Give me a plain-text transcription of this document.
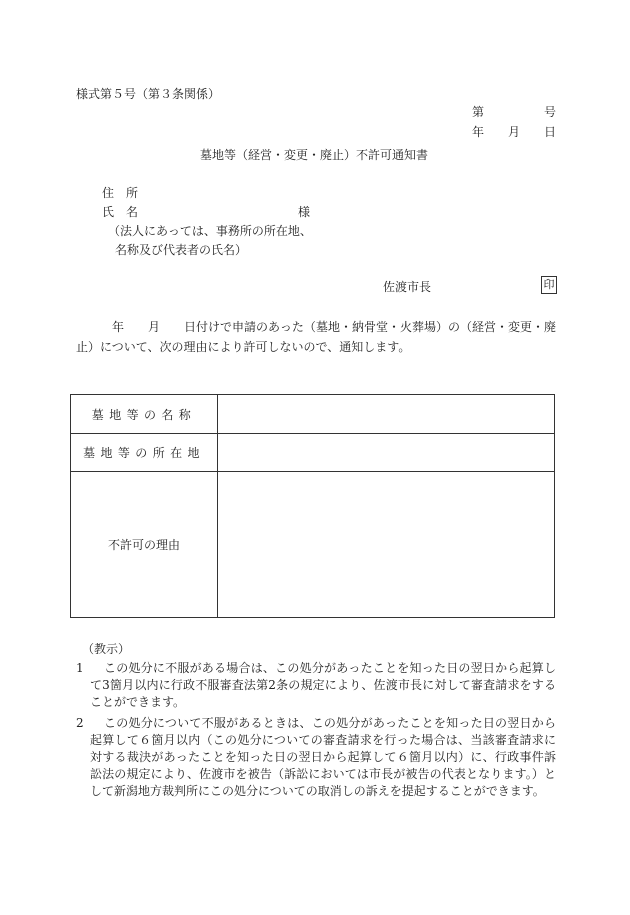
様式第５号（第３条関係）
第　　　　　号
年　　月　　日
墓地等（経営・変更・廃止）不許可通知書
住　所
氏　名	様
（法人にあっては、事務所の所在地、
名称及び代表者の氏名）
佐渡市長	印
　　　年　　月　　日付けで申請のあった（墓地・納骨堂・火葬場）の（経営・変更・廃止）について、次の理由により許可しないので、通知します。
墓地等の名称	
墓地等の所在地	
不許可の理由	
（教示）
1	この処分に不服がある場合は、この処分があったことを知った日の翌日から起算して3箇月以内に行政不服審査法第2条の規定により、佐渡市長に対して審査請求をすることができます。
2	この処分について不服があるときは、この処分があったことを知った日の翌日から起算して６箇月以内（この処分についての審査請求を行った場合は、当該審査請求に対する裁決があったことを知った日の翌日から起算して６箇月以内）に、行政事件訴訟法の規定により、佐渡市を被告（訴訟においては市長が被告の代表となります。）として新潟地方裁判所にこの処分についての取消しの訴えを提起することができます。
